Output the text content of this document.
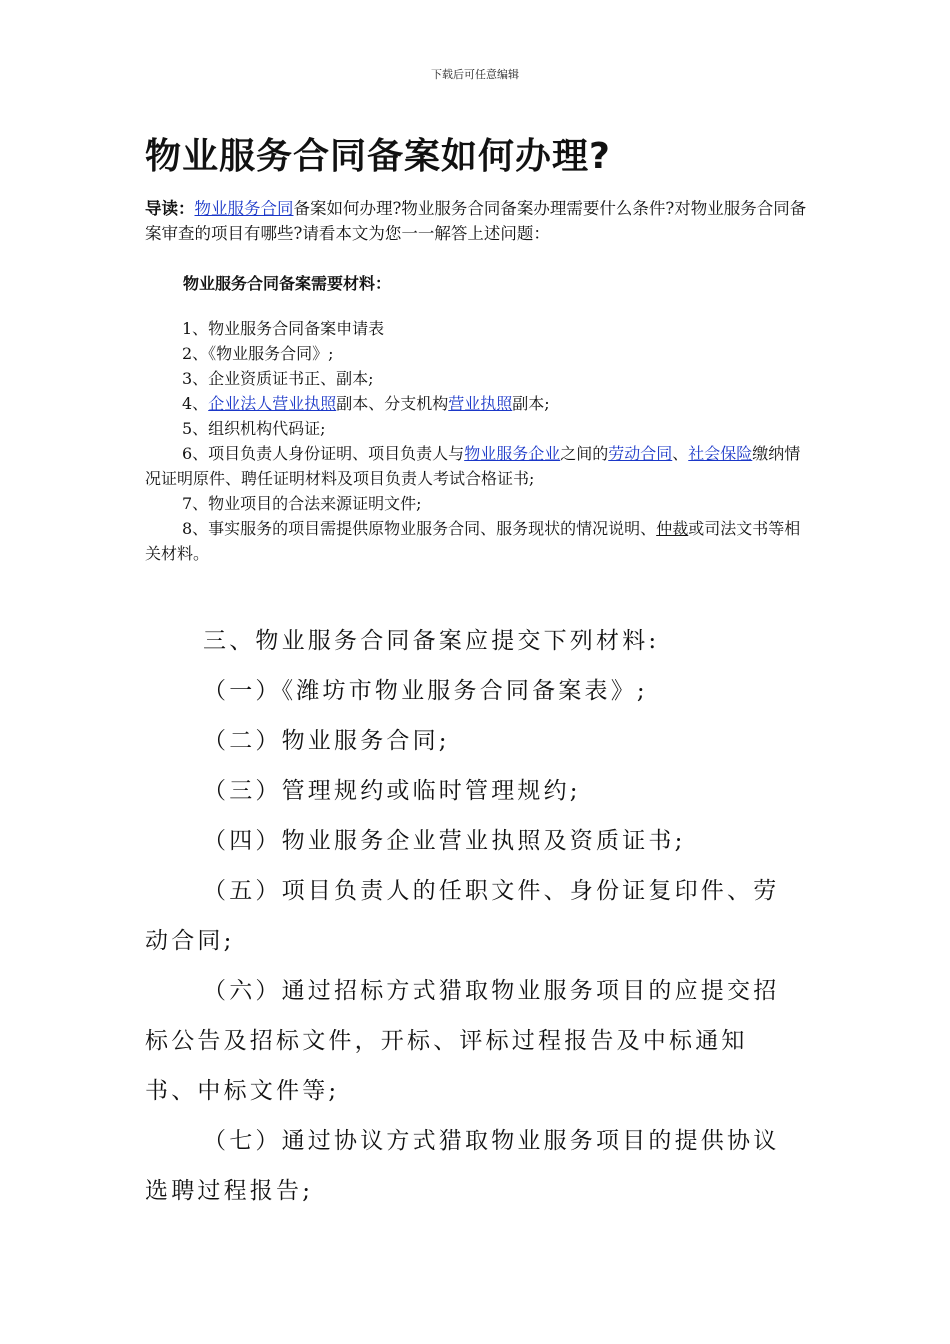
下载后可任意编辑
物业服务合同备案如何办理?

导读：物业服务合同备案如何办理?物业服务合同备案办理需要什么条件?对物业服务合同备案审查的项目有哪些?请看本文为您一一解答上述问题：

物业服务合同备案需要材料：

1、物业服务合同备案申请表

2、《物业服务合同》;

3、企业资质证书正、副本;

4、企业法人营业执照副本、分支机构营业执照副本;

5、组织机构代码证;

6、项目负责人身份证明、项目负责人与物业服务企业之间的劳动合同、社会保险缴纳情况证明原件、聘任证明材料及项目负责人考试合格证书;

7、物业项目的合法来源证明文件;

8、事实服务的项目需提供原物业服务合同、服务现状的情况说明、仲裁或司法文书等相关材料。

三、物业服务合同备案应提交下列材料:

（一）《潍坊市物业服务合同备案表》;

（二）物业服务合同;

（三）管理规约或临时管理规约;

（四）物业服务企业营业执照及资质证书;

（五）项目负责人的任职文件、身份证复印件、劳动合同;

（六）通过招标方式猎取物业服务项目的应提交招标公告及招标文件，开标、评标过程报告及中标通知书、中标文件等;

（七）通过协议方式猎取物业服务项目的提供协议选聘过程报告;
